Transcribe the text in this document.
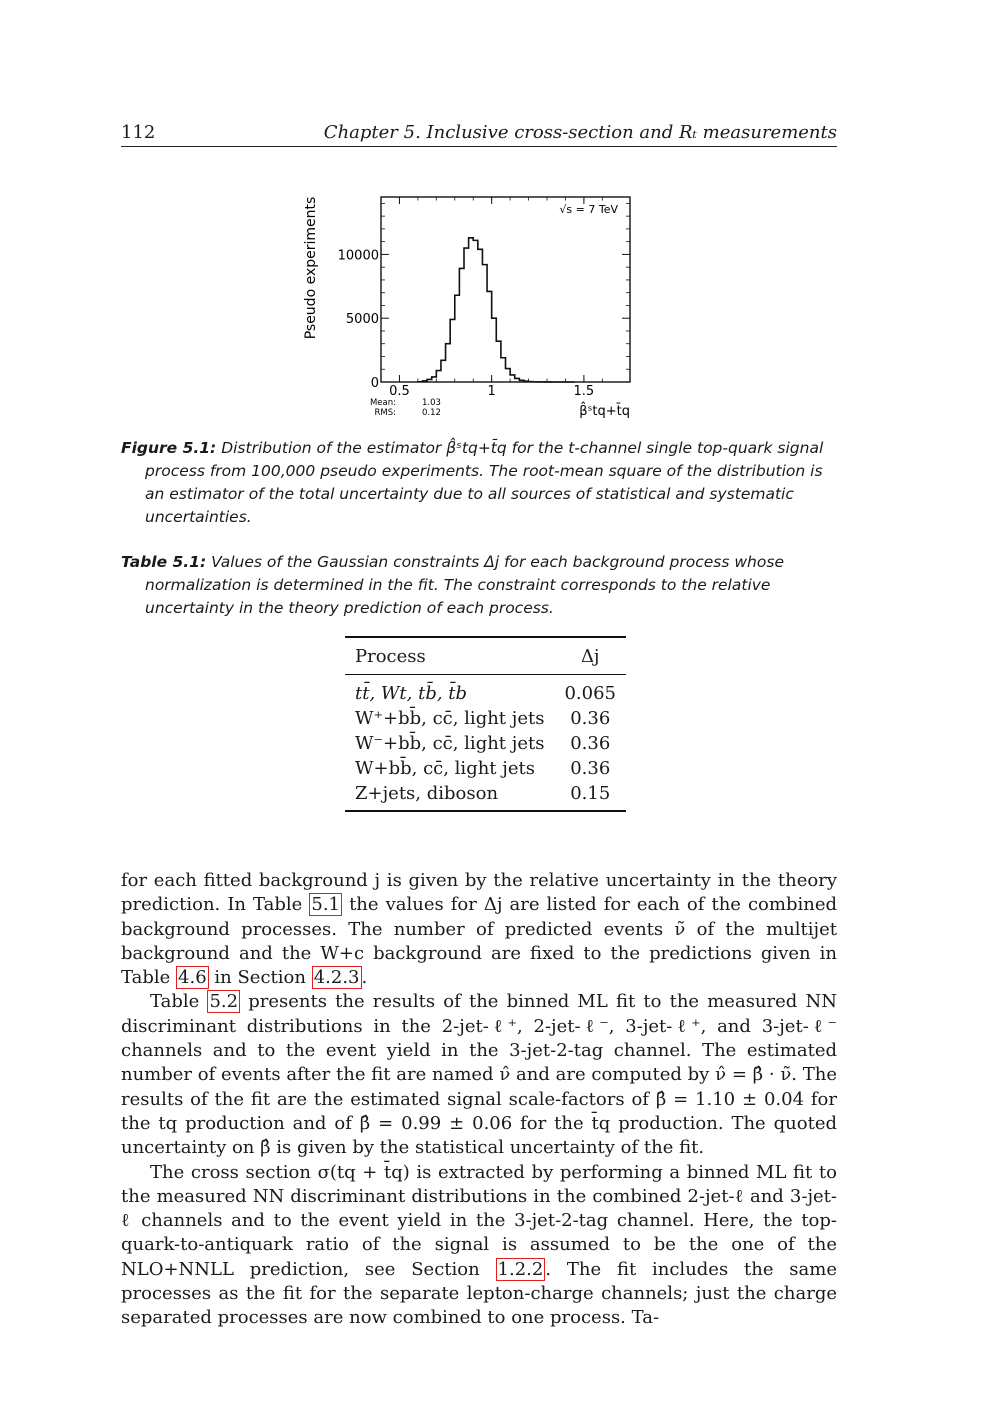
112	Chapter 5. Inclusive cross-section and Rₜ measurements
0.5	1	1.5
0
5000
10000
Pseudo experiments	√s = 7 TeV
Mean:	1.03
RMS:	0.12	β̂ˢtq+t̄q
Figure 5.1: Distribution of the estimator β̂ˢtq+t̄q for the t-channel single top-quark signal process from 100,000 pseudo experiments. The root-mean square of the distribution is an estimator of the total uncertainty due to all sources of statistical and systematic uncertainties.
Table 5.1: Values of the Gaussian constraints Δj for each background process whose normalization is determined in the fit. The constraint corresponds to the relative uncertainty in the theory prediction of each process.
Process	Δj
tt̄, Wt, tb̄, t̄b	0.065
W⁺+bb̄, cc̄, light jets	0.36
W⁻+bb̄, cc̄, light jets	0.36
W+bb̄, cc̄, light jets	0.36
Z+jets, diboson	0.15

for each fitted background j is given by the relative uncertainty in the theory prediction. In Table 5.1 the values for Δj are listed for each of the combined background processes. The number of predicted events ν̃ of the multijet background and the W+c background are fixed to the predictions given in Table 4.6 in Section 4.2.3 .

Table 5.2 presents the results of the binned ML fit to the measured NN discriminant distributions in the 2-jet-ℓ⁺, 2-jet-ℓ⁻, 3-jet-ℓ⁺, and 3-jet-ℓ⁻ channels and to the event yield in the 3-jet-2-tag channel. The estimated number of events after the fit are named ν̂ and are computed by ν̂ = β̂ · ν̃. The results of the fit are the estimated signal scale-factors of β̂ = 1.10 ± 0.04 for the tq production and of β̂ = 0.99 ± 0.06 for the t̄q production. The quoted uncertainty on β̂ is given by the statistical uncertainty of the fit.

The cross section σ(tq + t̄q) is extracted by performing a binned ML fit to the measured NN discriminant distributions in the combined 2-jet-ℓ and 3-jet-ℓ channels and to the event yield in the 3-jet-2-tag channel. Here, the top-quark-to-antiquark ratio of the signal is assumed to be the one of the NLO+NNLL prediction, see Section 1.2.2 . The fit includes the same processes as the fit for the separate lepton-charge channels; just the charge separated processes are now combined to one process. Ta-
